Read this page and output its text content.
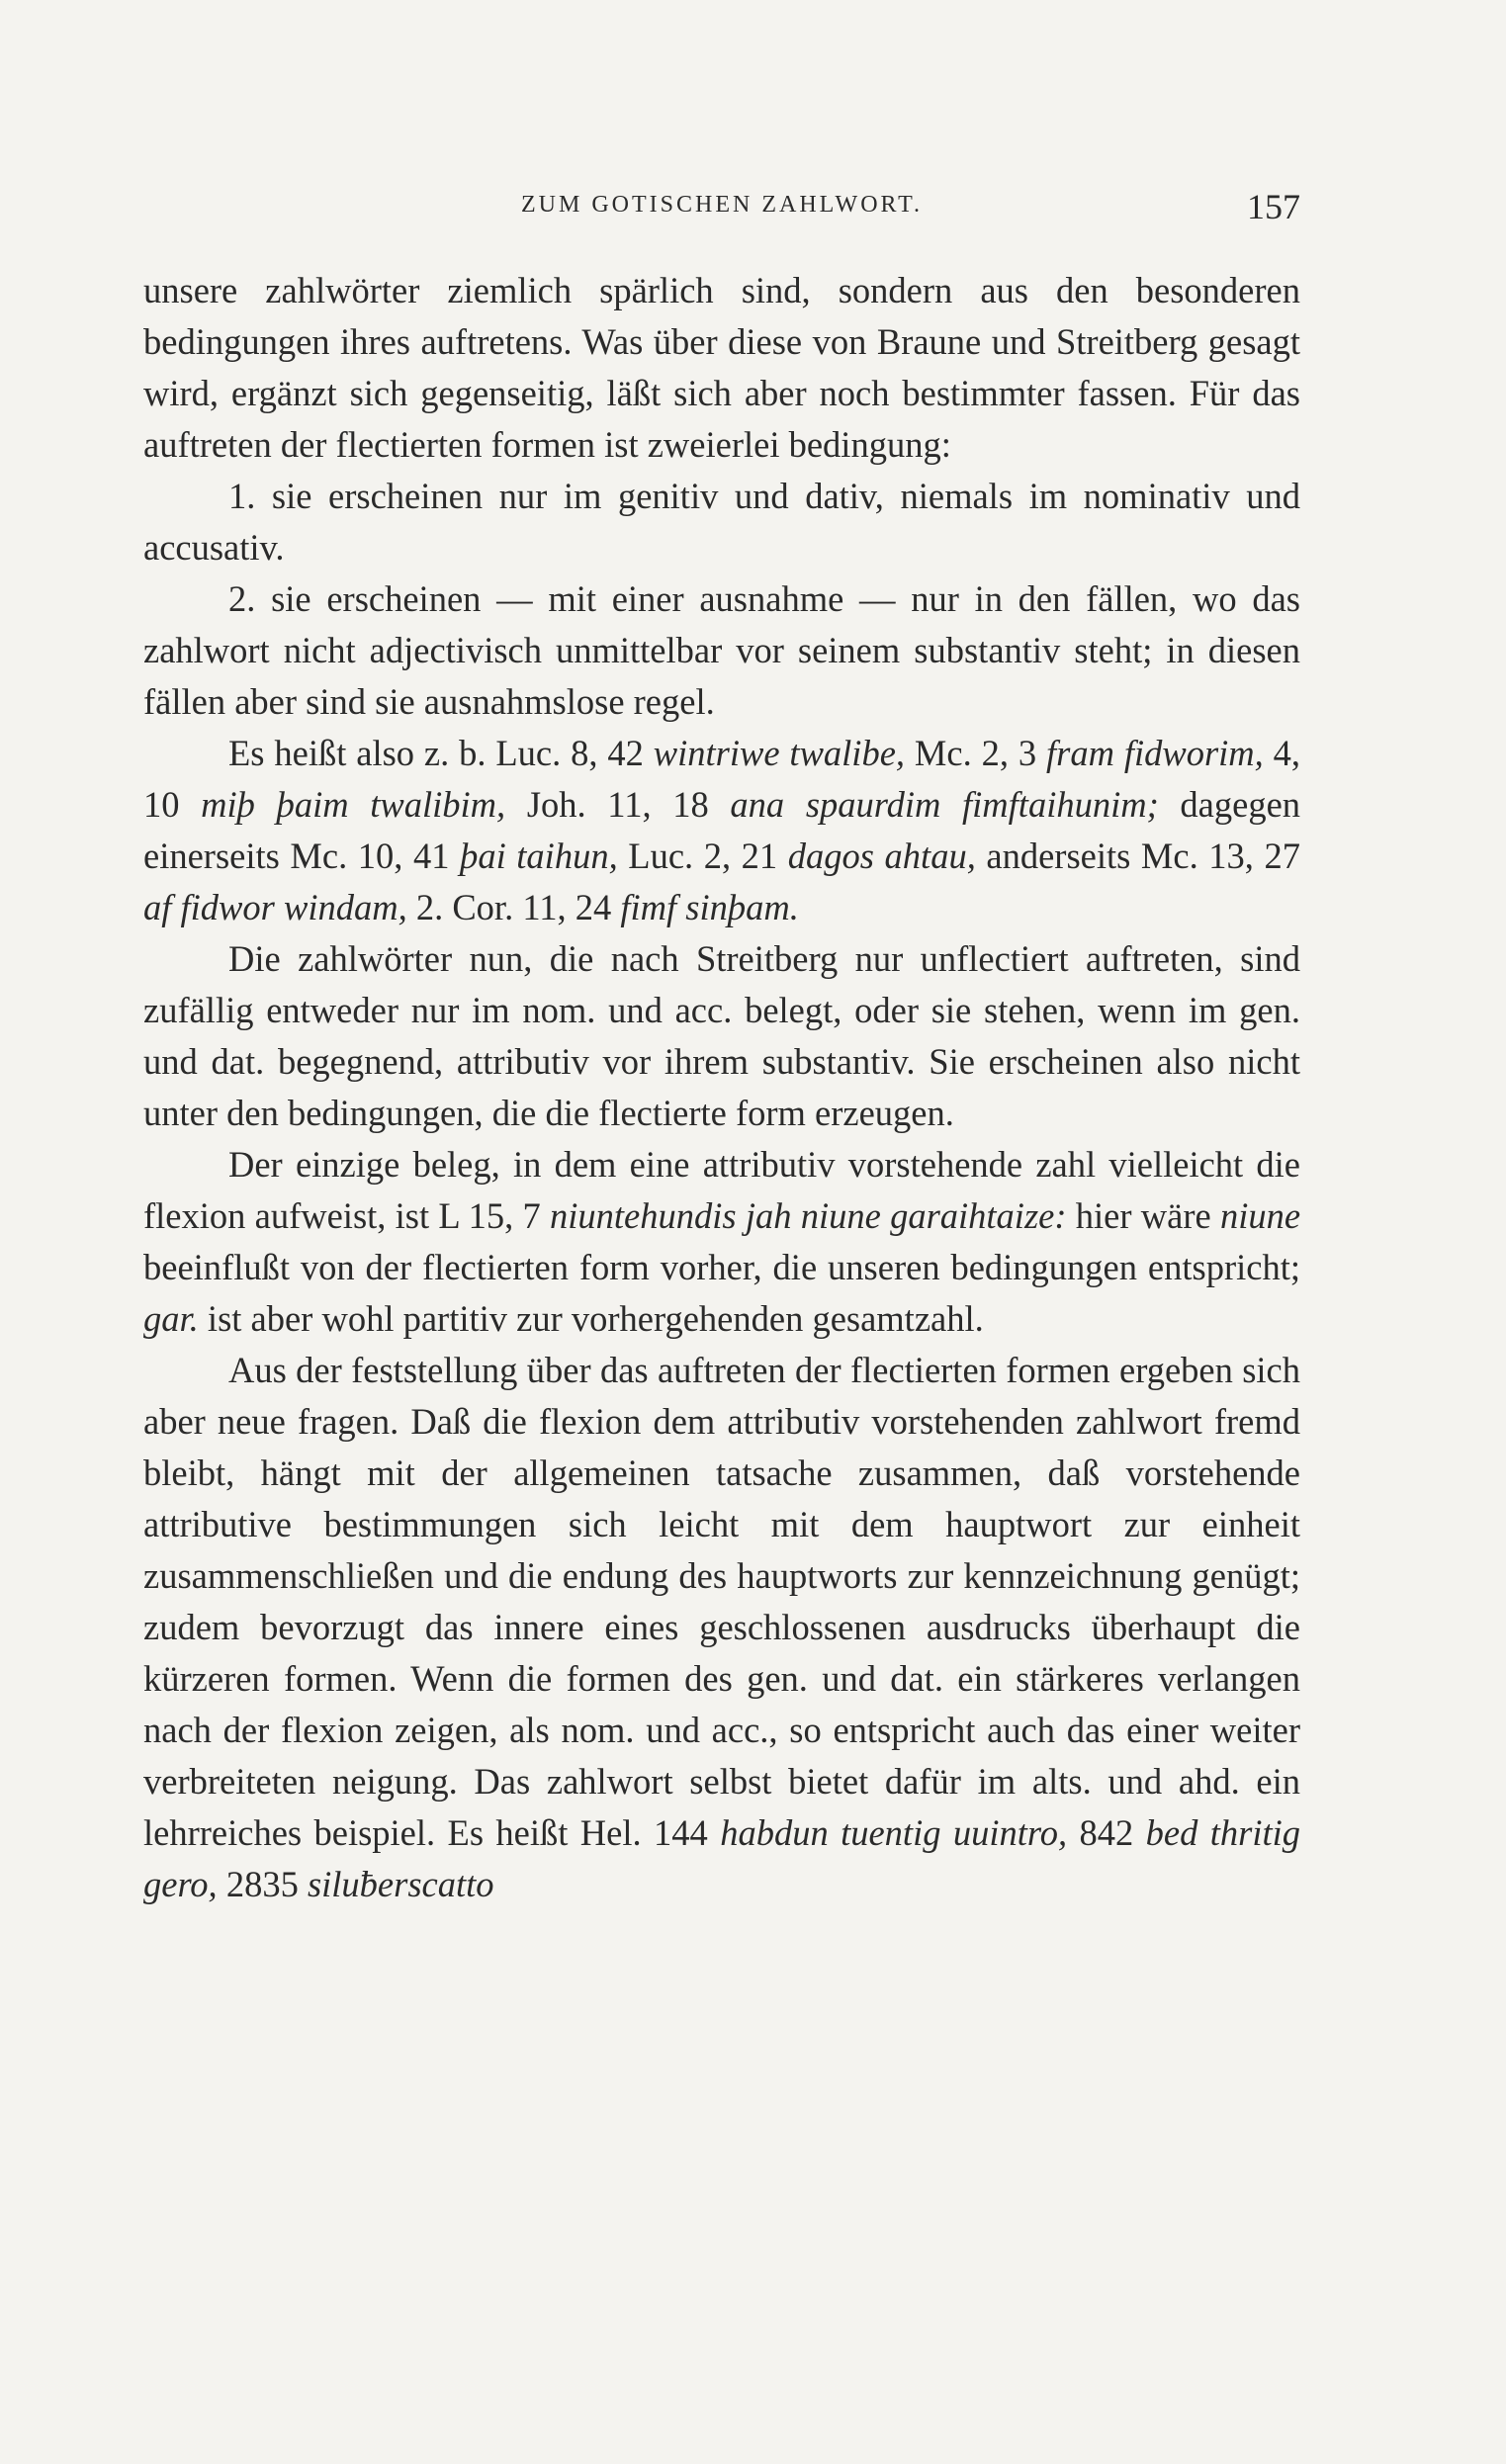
ZUM GOTISCHEN ZAHLWORT.	157

unsere zahlwörter ziemlich spärlich sind, sondern aus den besonderen bedingungen ihres auftretens. Was über diese von Braune und Streitberg gesagt wird, ergänzt sich gegenseitig, läßt sich aber noch bestimmter fassen. Für das auftreten der flectierten formen ist zweierlei bedingung:

1. sie erscheinen nur im genitiv und dativ, niemals im nominativ und accusativ.

2. sie erscheinen — mit einer ausnahme — nur in den fällen, wo das zahlwort nicht adjectivisch unmittelbar vor seinem substantiv steht; in diesen fällen aber sind sie ausnahmslose regel.

Es heißt also z. b. Luc. 8, 42 wintriwe twalibe, Mc. 2, 3 fram fidworim, 4, 10 miþ þaim twalibim, Joh. 11, 18 ana spaurdim fimftaihunim; dagegen einerseits Mc. 10, 41 þai taihun, Luc. 2, 21 dagos ahtau, anderseits Mc. 13, 27 af fidwor windam, 2. Cor. 11, 24 fimf sinþam.

Die zahlwörter nun, die nach Streitberg nur unflectiert auftreten, sind zufällig entweder nur im nom. und acc. belegt, oder sie stehen, wenn im gen. und dat. begegnend, attributiv vor ihrem substantiv. Sie erscheinen also nicht unter den bedingungen, die die flectierte form erzeugen.

Der einzige beleg, in dem eine attributiv vorstehende zahl vielleicht die flexion aufweist, ist L 15, 7 niuntehundis jah niune garaihtaize: hier wäre niune beeinflußt von der flectierten form vorher, die unseren bedingungen entspricht; gar. ist aber wohl partitiv zur vorhergehenden gesamtzahl.

Aus der feststellung über das auftreten der flectierten formen ergeben sich aber neue fragen. Daß die flexion dem attributiv vorstehenden zahlwort fremd bleibt, hängt mit der allgemeinen tatsache zusammen, daß vorstehende attributive bestimmungen sich leicht mit dem hauptwort zur einheit zusammenschließen und die endung des hauptworts zur kennzeichnung genügt; zudem bevorzugt das innere eines geschlossenen ausdrucks überhaupt die kürzeren formen. Wenn die formen des gen. und dat. ein stärkeres verlangen nach der flexion zeigen, als nom. und acc., so entspricht auch das einer weiter verbreiteten neigung. Das zahlwort selbst bietet dafür im alts. und ahd. ein lehrreiches beispiel. Es heißt Hel. 144 habdun tuentig uuintro, 842 bed thritig gero, 2835 siluƀerscatto
